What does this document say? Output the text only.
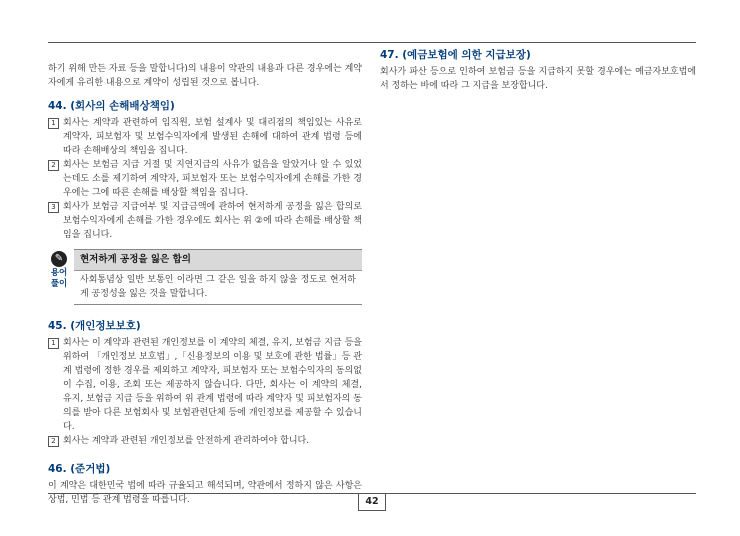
하기 위해 만든 자료 등을 말합니다)의 내용이 약관의 내용과 다른 경우에는 계약자에게 유리한 내용으로 계약이 성립된 것으로 봅니다.

44. (회사의 손해배상책임)
1 회사는 계약과 관련하여 임직원, 보험 설계사 및 대리점의 책임있는 사유로 계약자, 피보험자 및 보험수익자에게 발생된 손해에 대하여 관계 법령 등에 따라 손해배상의 책임을 집니다.

2 회사는 보험금 지급 거절 및 지연지급의 사유가 없음을 알았거나 알 수 있었는데도 소를 제기하여 계약자, 피보험자 또는 보험수익자에게 손해를 가한 경우에는 그에 따른 손해를 배상할 책임을 집니다.

3 회사가 보험금 지급여부 및 지급금액에 관하여 현저하게 공정을 잃은 합의로 보험수익자에게 손해를 가한 경우에도 회사는 위 ②에 따라 손해를 배상할 책임을 집니다.

✎
용어풀이
현저하게 공정을 잃은 합의
사회통념상 일반 보통인 이라면 그 같은 일을 하지 않을 정도로 현저하게 공정성을 잃은 것을 말합니다.
45. (개인정보보호)
1 회사는 이 계약과 관련된 개인정보를 이 계약의 체결, 유지, 보험금 지급 등을 위하여 「개인정보 보호법」,「신용정보의 이용 및 보호에 관한 법률」등 관계 법령에 정한 경우를 제외하고 계약자, 피보험자 또는 보험수익자의 동의없이 수집, 이용, 조회 또는 제공하지 않습니다. 다만, 회사는 이 계약의 체결, 유지, 보험금 지급 등을 위하여 위 관계 법령에 따라 계약자 및 피보험자의 동의를 받아 다른 보험회사 및 보험관련단체 등에 개인정보를 제공할 수 있습니다.

2 회사는 계약과 관련된 개인정보를 안전하게 관리하여야 합니다.

46. (준거법)

이 계약은 대한민국 법에 따라 규율되고 해석되며, 약관에서 정하지 않은 사항은 상법, 민법 등 관계 법령을 따릅니다.

47. (예금보험에 의한 지급보장)

회사가 파산 등으로 인하여 보험금 등을 지급하지 못할 경우에는 예금자보호법에서 정하는 바에 따라 그 지급을 보장합니다.

42
